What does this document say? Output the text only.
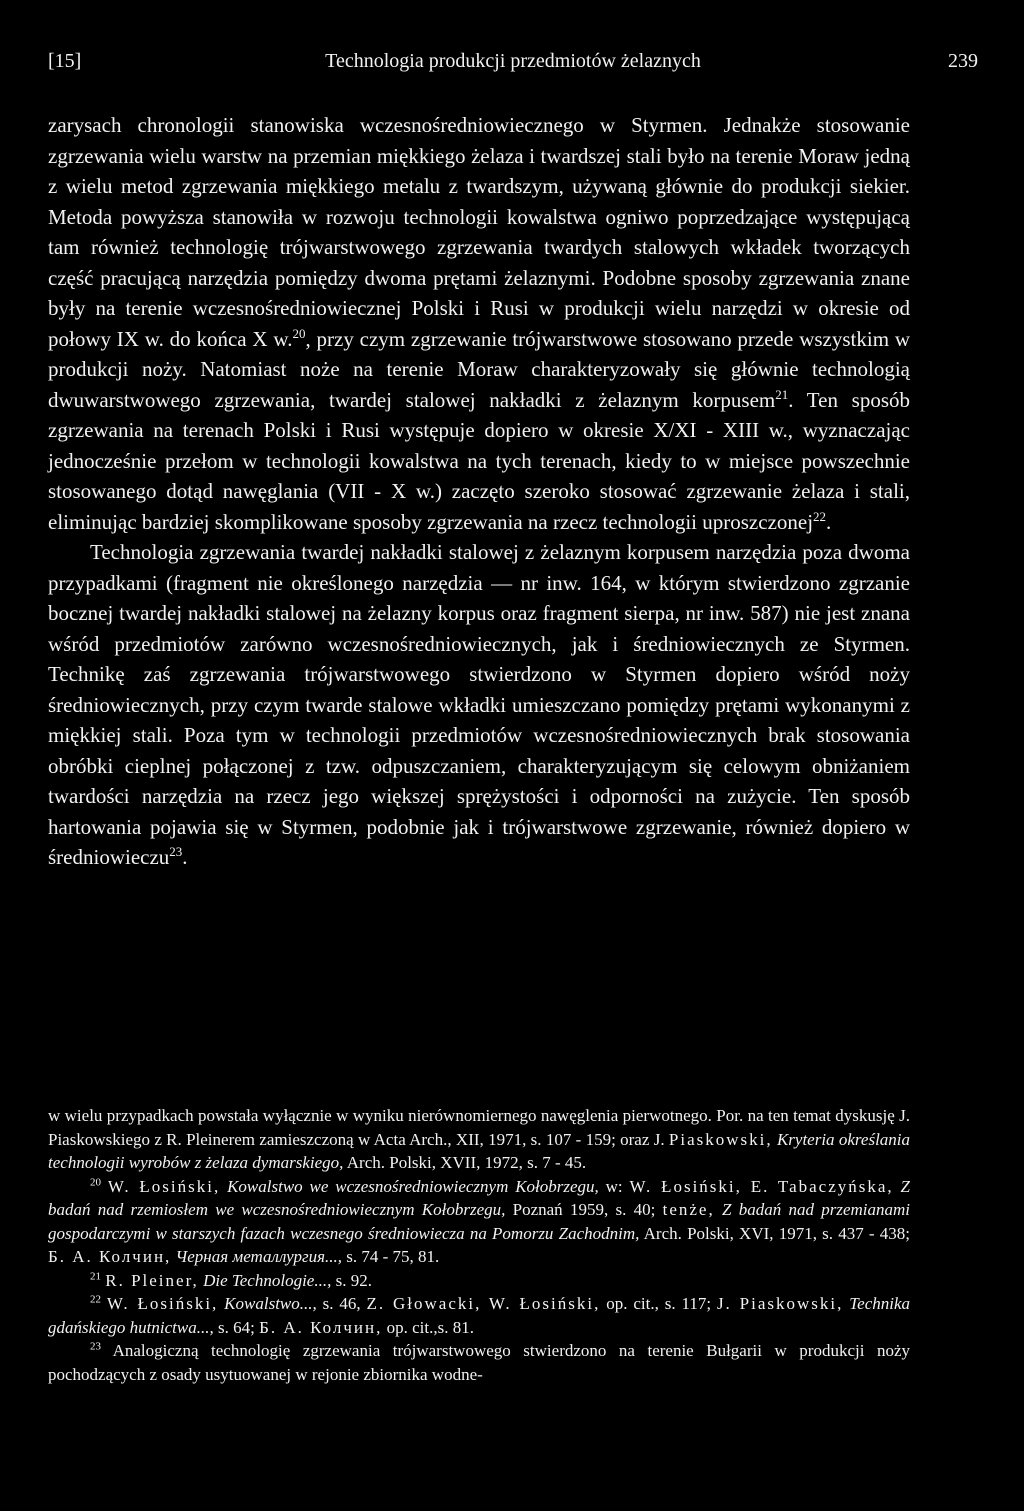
[15]	Technologia produkcji przedmiotów żelaznych	239

zarysach chronologii stanowiska wczesnośredniowiecznego w Styrmen. Jednakże stosowanie zgrzewania wielu warstw na przemian miękkiego żelaza i twardszej stali było na terenie Moraw jedną z wielu metod zgrzewania miękkiego metalu z twardszym, używaną głównie do produkcji siekier. Metoda powyższa stanowiła w rozwoju technologii kowalstwa ogniwo poprzedzające występującą tam również technologię trójwarstwowego zgrzewania twardych stalowych wkładek tworzących część pracującą narzędzia pomiędzy dwoma prętami żelaznymi. Podobne sposoby zgrzewania znane były na terenie wczesnośredniowiecznej Polski i Rusi w produkcji wielu narzędzi w okresie od połowy IX w. do końca X w.$^{20}$, przy czym zgrzewanie trójwarstwowe stosowano przede wszystkim w produkcji noży. Natomiast noże na terenie Moraw charakteryzowały się głównie technologią dwuwarstwowego zgrzewania, twardej stalowej nakładki z żelaznym korpusem$^{21}$. Ten sposób zgrzewania na terenach Polski i Rusi występuje dopiero w okresie X/XI - XIII w., wyznaczając jednocześnie przełom w technologii kowalstwa na tych terenach, kiedy to w miejsce powszechnie stosowanego dotąd nawęglania (VII - X w.) zaczęto szeroko stosować zgrzewanie żelaza i stali, eliminując bardziej skomplikowane sposoby zgrzewania na rzecz technologii uproszczonej$^{22}$.

Technologia zgrzewania twardej nakładki stalowej z żelaznym korpusem narzędzia poza dwoma przypadkami (fragment nie określonego narzędzia — nr inw. 164, w którym stwierdzono zgrzanie bocznej twardej nakładki stalowej na żelazny korpus oraz fragment sierpa, nr inw. 587) nie jest znana wśród przedmiotów zarówno wczesnośredniowiecznych, jak i średniowiecznych ze Styrmen. Technikę zaś zgrzewania trójwarstwowego stwierdzono w Styrmen dopiero wśród noży średniowiecznych, przy czym twarde stalowe wkładki umieszczano pomiędzy prętami wykonanymi z miękkiej stali. Poza tym w technologii przedmiotów wczesnośredniowiecznych brak stosowania obróbki cieplnej połączonej z tzw. odpuszczaniem, charakteryzującym się celowym obniżaniem twardości narzędzia na rzecz jego większej sprężystości i odporności na zużycie. Ten sposób hartowania pojawia się w Styrmen, podobnie jak i trójwarstwowe zgrzewanie, również dopiero w średniowieczu$^{23}$.

w wielu przypadkach powstała wyłącznie w wyniku nierównomiernego nawęglenia pierwotnego. Por. na ten temat dyskusję J. Piaskowskiego z R. Pleinerem zamieszczoną w Acta Arch., XII, 1971, s. 107 - 159; oraz J. Piaskowski, Kryteria określania technologii wyrobów z żelaza dymarskiego, Arch. Polski, XVII, 1972, s. 7 - 45.

$^{20}$ W. Łosiński, Kowalstwo we wczesnośredniowiecznym Kołobrzegu, w: W. Łosiński, E. Tabaczyńska, Z badań nad rzemiosłem we wczesnośredniowiecznym Kołobrzegu, Poznań 1959, s. 40; tenże, Z badań nad przemianami gospodarczymi w starszych fazach wczesnego średniowiecza na Pomorzu Zachodnim, Arch. Polski, XVI, 1971, s. 437 - 438; Б. А. Колчин, Черная металлургия..., s. 74 - 75, 81.

$^{21}$ R. Pleiner, Die Technologie..., s. 92.

$^{22}$ W. Łosiński, Kowalstwo..., s. 46, Z. Głowacki, W. Łosiński, op. cit., s. 117; J. Piaskowski, Technika gdańskiego hutnictwa..., s. 64; Б. А. Колчин, op. cit.,s. 81.

$^{23}$ Analogiczną technologię zgrzewania trójwarstwowego stwierdzono na terenie Bułgarii w produkcji noży pochodzących z osady usytuowanej w rejonie zbiornika wodne-
